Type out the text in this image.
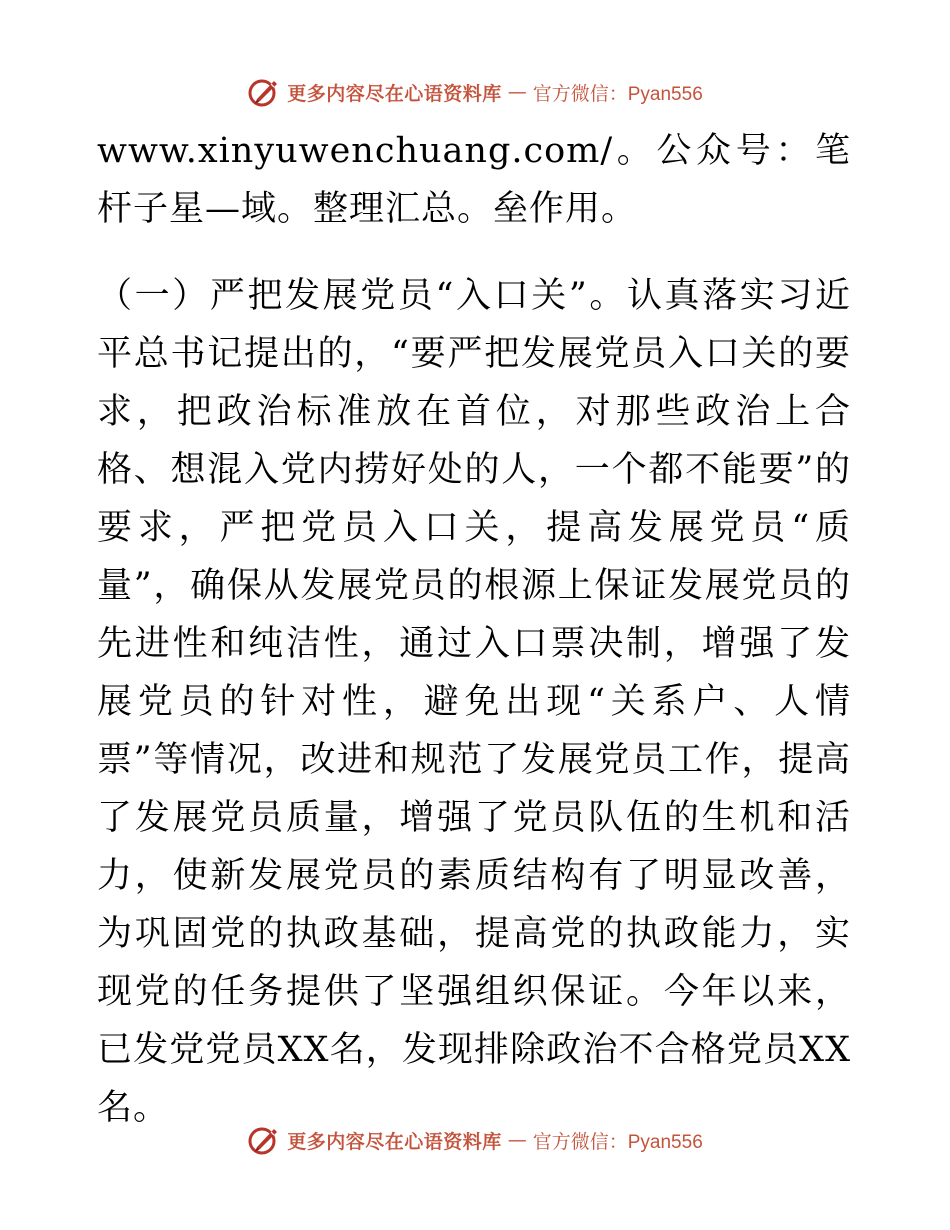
更多内容尽在心语资料库 — 官方微信：Pyan556

www.xinyuwenchuang.com/。公众号：笔杆子星—域。整理汇总。垒作用。

（一）严把发展党员“入口关”。认真落实习近平总书记提出的，“要严把发展党员入口关的要求，把政治标准放在首位，对那些政治上合格、想混入党内捞好处的人，一个都不能要”的要求，严把党员入口关，提高发展党员“质量”，确保从发展党员的根源上保证发展党员的先进性和纯洁性，通过入口票决制，增强了发展党员的针对性，避免出现“关系户、人情票”等情况，改进和规范了发展党员工作，提高了发展党员质量，增强了党员队伍的生机和活力，使新发展党员的素质结构有了明显改善，为巩固党的执政基础，提高党的执政能力，实现党的任务提供了坚强组织保证。今年以来，已发党党员XX名，发现排除政治不合格党员XX名。

更多内容尽在心语资料库 — 官方微信：Pyan556
